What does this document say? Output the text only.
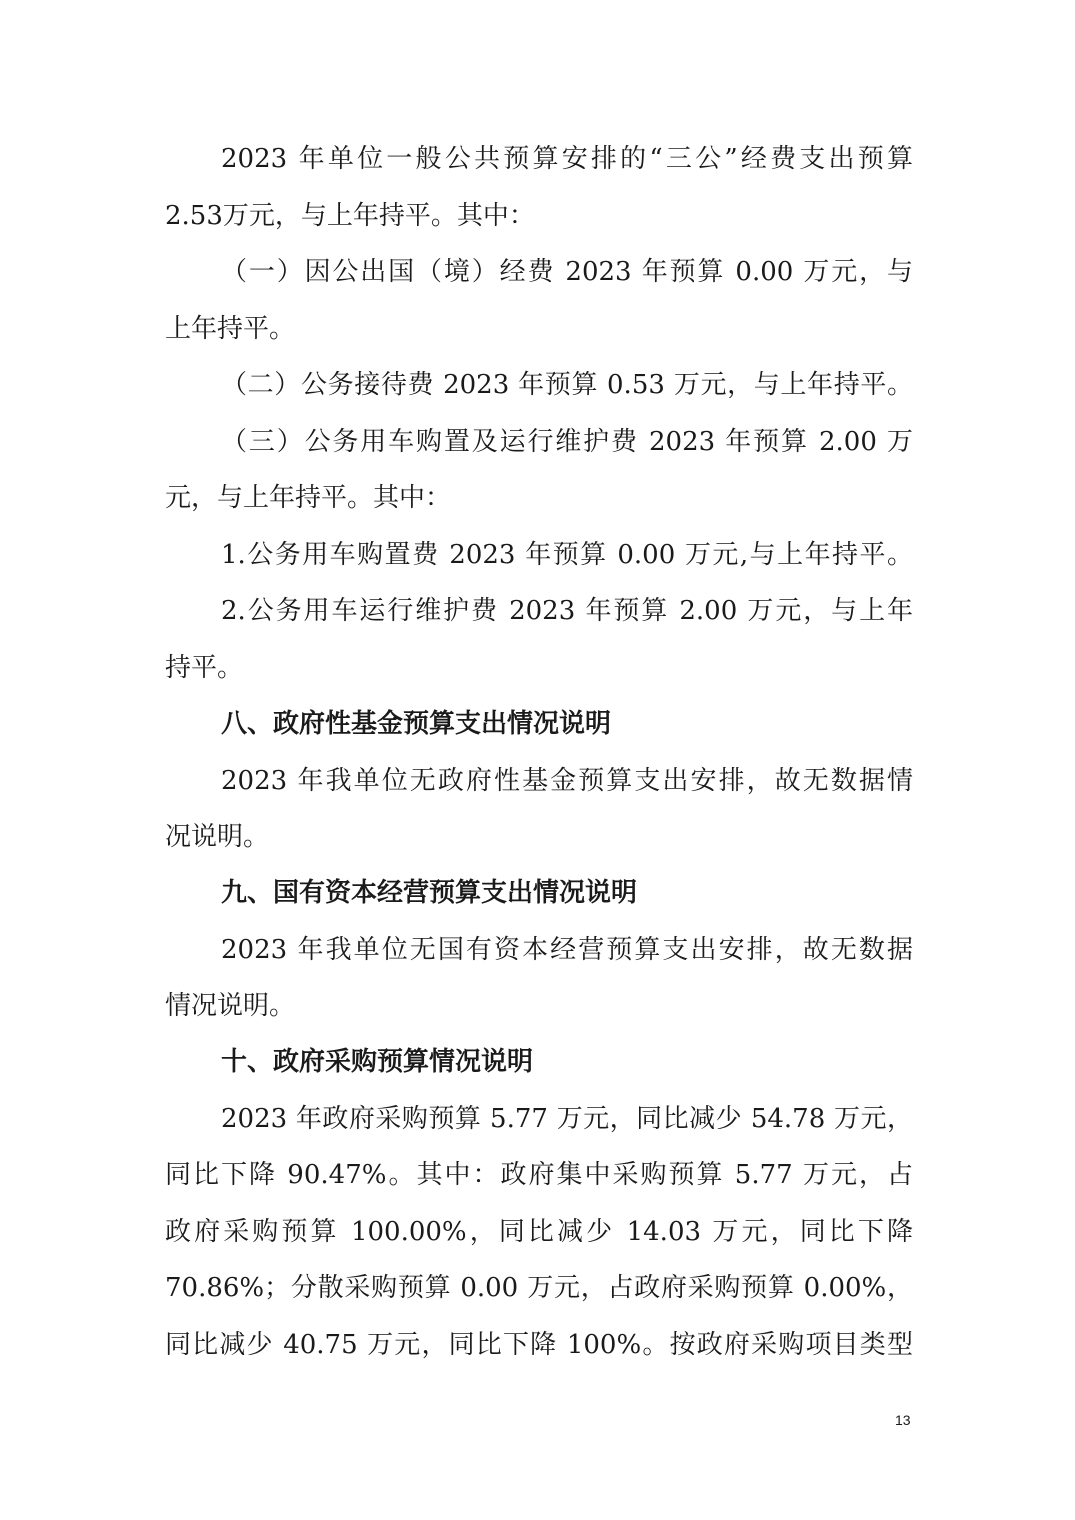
2023 年单位一般公共预算安排的“三公”经费支出预算
2.53万元，与上年持平。其中：
（一）因公出国（境）经费 2023 年预算 0.00 万元，与
上年持平。
（二）公务接待费 2023 年预算 0.53 万元，与上年持平。
（三）公务用车购置及运行维护费 2023 年预算 2.00 万
元，与上年持平。其中：
1.公务用车购置费 2023 年预算 0.00 万元,与上年持平。
2.公务用车运行维护费 2023 年预算 2.00 万元，与上年
持平。
八、政府性基金预算支出情况说明
2023 年我单位无政府性基金预算支出安排，故无数据情
况说明。
九、国有资本经营预算支出情况说明
2023 年我单位无国有资本经营预算支出安排，故无数据
情况说明。
十、政府采购预算情况说明
2023 年政府采购预算 5.77 万元，同比减少 54.78 万元，
同比下降 90.47%。其中：政府集中采购预算 5.77 万元，占
政府采购预算 100.00%，同比减少 14.03 万元，同比下降
70.86%；分散采购预算 0.00 万元，占政府采购预算 0.00%，
同比减少 40.75 万元，同比下降 100%。按政府采购项目类型
13
